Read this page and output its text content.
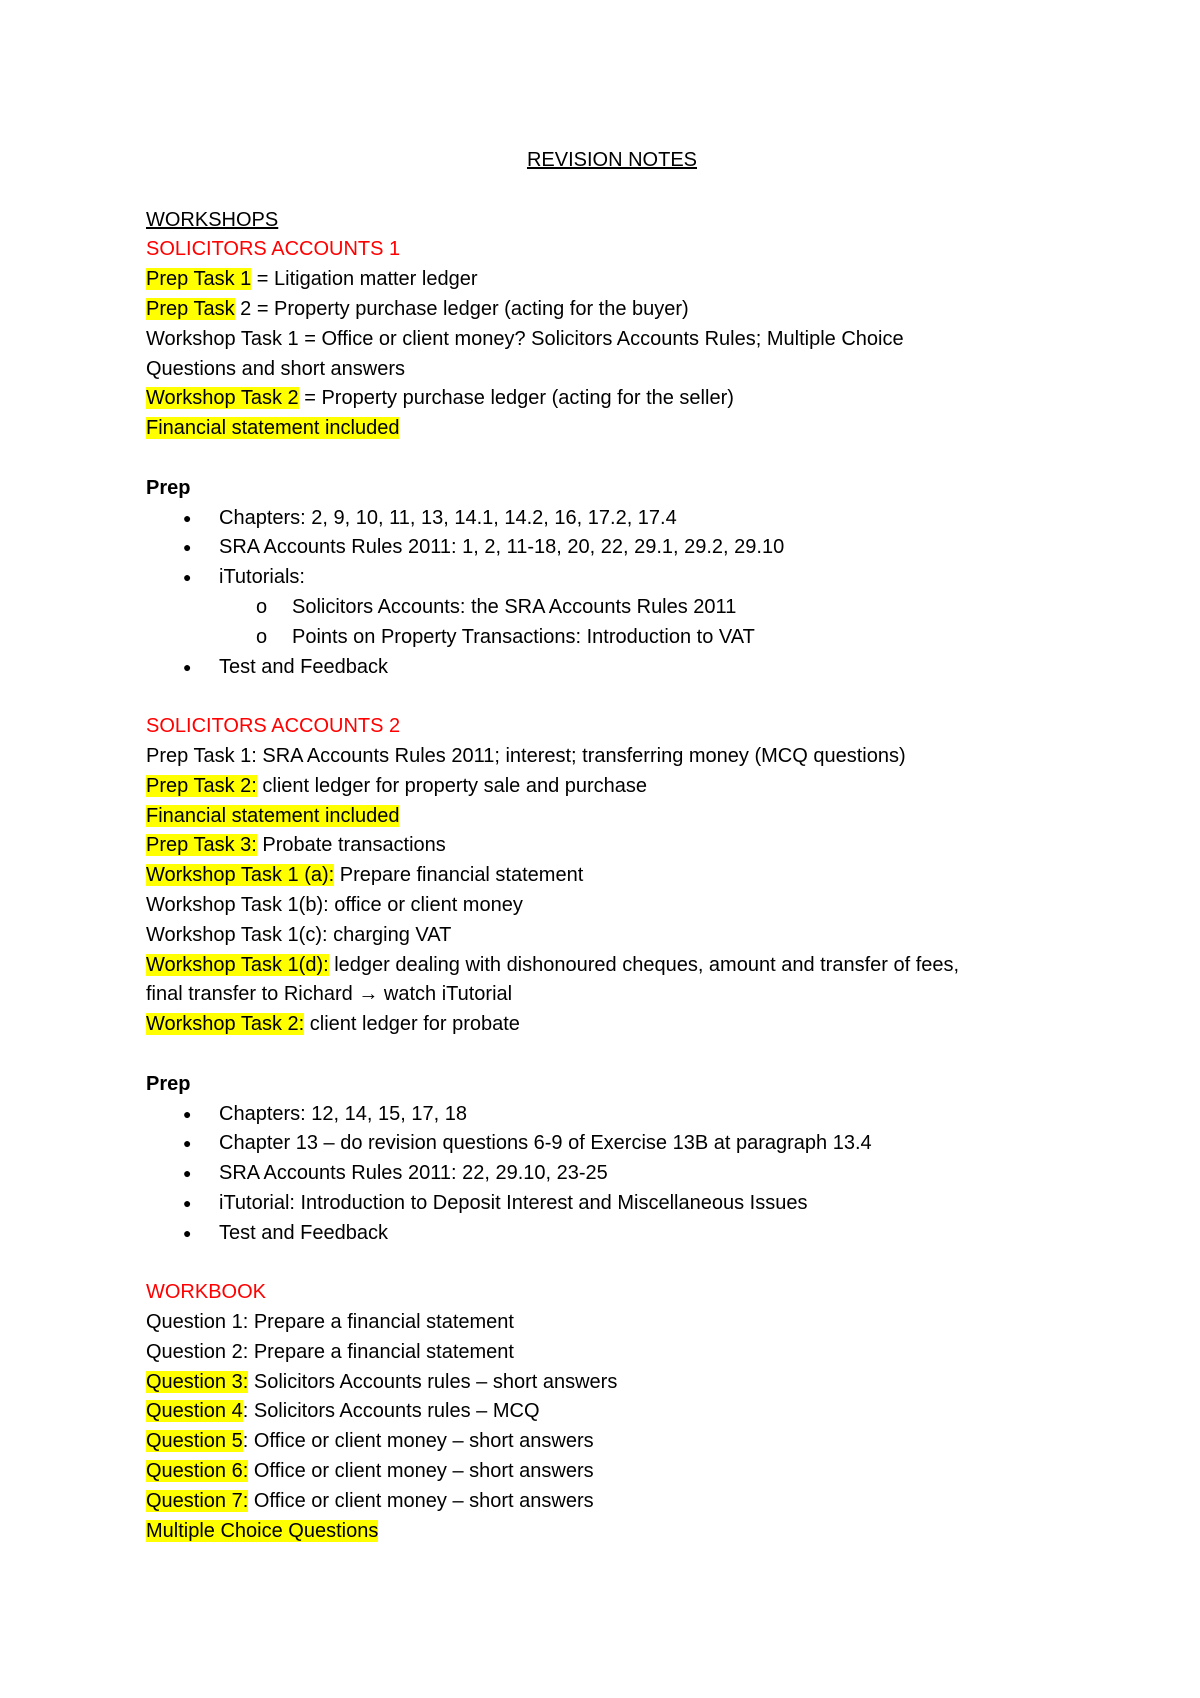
REVISION NOTES

WORKSHOPS

SOLICITORS ACCOUNTS 1

Prep Task 1 = Litigation matter ledger

Prep Task 2 = Property purchase ledger (acting for the buyer)

Workshop Task 1 = Office or client money? Solicitors Accounts Rules; Multiple Choice

Questions and short answers

Workshop Task 2 = Property purchase ledger (acting for the seller)

Financial statement included

Prep

● Chapters: 2, 9, 10, 11, 13, 14.1, 14.2, 16, 17.2, 17.4
● SRA Accounts Rules 2011: 1, 2, 11-18, 20, 22, 29.1, 29.2, 29.10
● iTutorials:
o Solicitors Accounts: the SRA Accounts Rules 2011
o Points on Property Transactions: Introduction to VAT
● Test and Feedback

SOLICITORS ACCOUNTS 2

Prep Task 1: SRA Accounts Rules 2011; interest; transferring money (MCQ questions)

Prep Task 2: client ledger for property sale and purchase

Financial statement included

Prep Task 3: Probate transactions

Workshop Task 1 (a): Prepare financial statement

Workshop Task 1(b): office or client money

Workshop Task 1(c): charging VAT

Workshop Task 1(d): ledger dealing with dishonoured cheques, amount and transfer of fees,

final transfer to Richard → watch iTutorial

Workshop Task 2: client ledger for probate

Prep

● Chapters: 12, 14, 15, 17, 18
● Chapter 13 – do revision questions 6-9 of Exercise 13B at paragraph 13.4
● SRA Accounts Rules 2011: 22, 29.10, 23-25
● iTutorial: Introduction to Deposit Interest and Miscellaneous Issues
● Test and Feedback

WORKBOOK

Question 1: Prepare a financial statement

Question 2: Prepare a financial statement

Question 3: Solicitors Accounts rules – short answers

Question 4: Solicitors Accounts rules – MCQ

Question 5: Office or client money – short answers

Question 6: Office or client money – short answers

Question 7: Office or client money – short answers

Multiple Choice Questions
